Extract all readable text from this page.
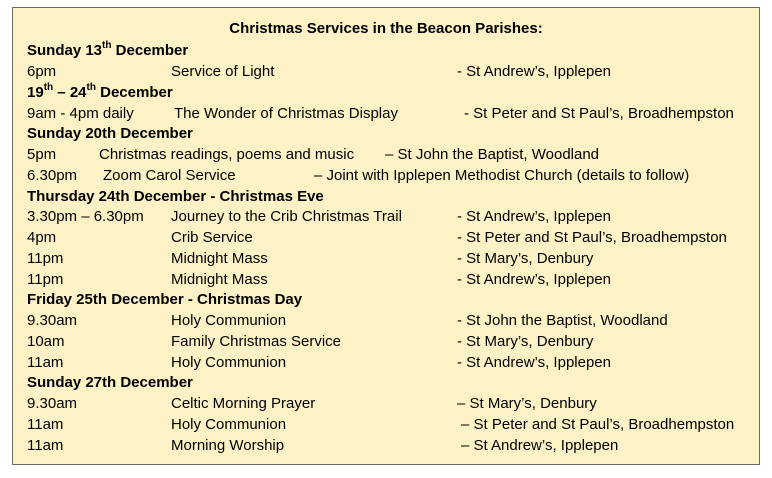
Christmas Services in the Beacon Parishes:
Sunday 13th December
6pm	Service of Light	- St Andrew’s, Ipplepen
19th – 24th December
9am - 4pm daily	The Wonder of Christmas Display	- St Peter and St Paul’s, Broadhempston
Sunday 20th December
5pm	Christmas readings, poems and music – St John the Baptist, Woodland
6.30pm Zoom Carol Service	– Joint with Ipplepen Methodist Church (details to follow)
Thursday 24th December - Christmas Eve
3.30pm – 6.30pm Journey to the Crib Christmas Trail	- St Andrew’s, Ipplepen
4pm	Crib Service	- St Peter and St Paul’s, Broadhempston
11pm	Midnight Mass	- St Mary’s, Denbury
11pm	Midnight Mass	- St Andrew’s, Ipplepen
Friday 25th December - Christmas Day
9.30am	Holy Communion	- St John the Baptist, Woodland
10am	Family Christmas Service	- St Mary’s, Denbury
11am	Holy Communion	- St Andrew’s, Ipplepen
Sunday 27th December
9.30am	Celtic Morning Prayer	– St Mary’s, Denbury
11am	Holy Communion	– St Peter and St Paul’s, Broadhempston
11am	Morning Worship	– St Andrew’s, Ipplepen
